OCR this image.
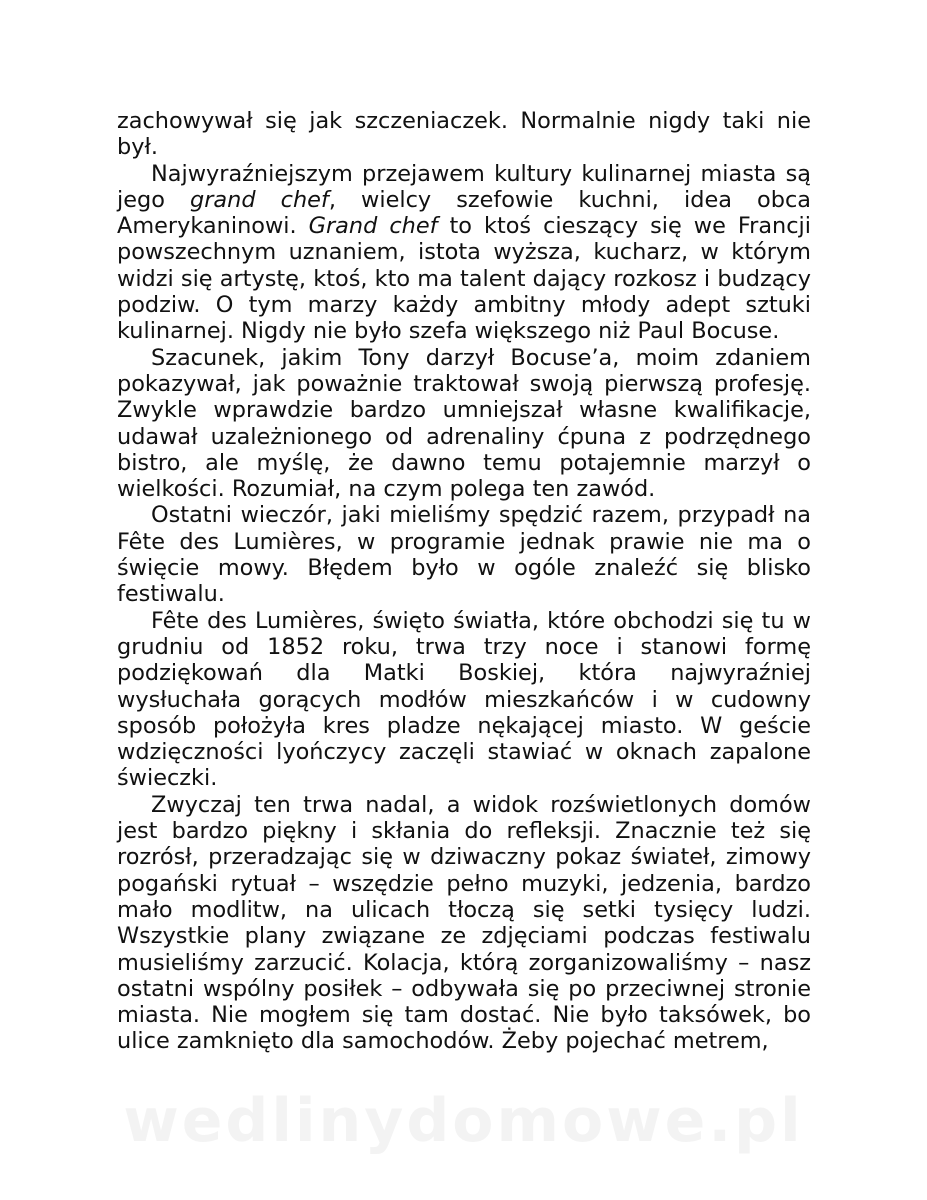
zachowywał się jak szczeniaczek. Normalnie nigdy taki nie był.

Najwyraźniejszym przejawem kultury kulinarnej miasta są jego grand chef, wielcy szefowie kuchni, idea obca Amerykaninowi. Grand chef to ktoś cieszący się we Francji powszechnym uznaniem, istota wyższa, kucharz, w którym widzi się artystę, ktoś, kto ma talent dający rozkosz i budzący podziw. O tym marzy każdy ambitny młody adept sztuki kulinarnej. Nigdy nie było szefa większego niż Paul Bocuse.

Szacunek, jakim Tony darzył Bocuse’a, moim zdaniem pokazywał, jak poważnie traktował swoją pierwszą profesję. Zwykle wprawdzie bardzo umniejszał własne kwalifikacje, udawał uzależnionego od adrenaliny ćpuna z podrzędnego bistro, ale myślę, że dawno temu potajemnie marzył o wielkości. Rozumiał, na czym polega ten zawód.

Ostatni wieczór, jaki mieliśmy spędzić razem, przypadł na Fête des Lumières, w programie jednak prawie nie ma o święcie mowy. Błędem było w ogóle znaleźć się blisko festiwalu.

Fête des Lumières, święto światła, które obchodzi się tu w grudniu od 1852 roku, trwa trzy noce i stanowi formę podziękowań dla Matki Boskiej, która najwyraźniej wysłuchała gorących modłów mieszkańców i w cudowny sposób położyła kres pladze nękającej miasto. W geście wdzięczności lyończycy zaczęli stawiać w oknach zapalone świeczki.

Zwyczaj ten trwa nadal, a widok rozświetlonych domów jest bardzo piękny i skłania do refleksji. Znacznie też się rozrósł, przeradzając się w dziwaczny pokaz świateł, zimowy pogański rytuał – wszędzie pełno muzyki, jedzenia, bardzo mało modlitw, na ulicach tłoczą się setki tysięcy ludzi. Wszystkie plany związane ze zdjęciami podczas festiwalu musieliśmy zarzucić. Kolacja, którą zorganizowaliśmy – nasz ostatni wspólny posiłek – odbywała się po przeciwnej stronie miasta. Nie mogłem się tam dostać. Nie było taksówek, bo ulice zamknięto dla samochodów. Żeby pojechać metrem,

wedlinydomowe.pl
